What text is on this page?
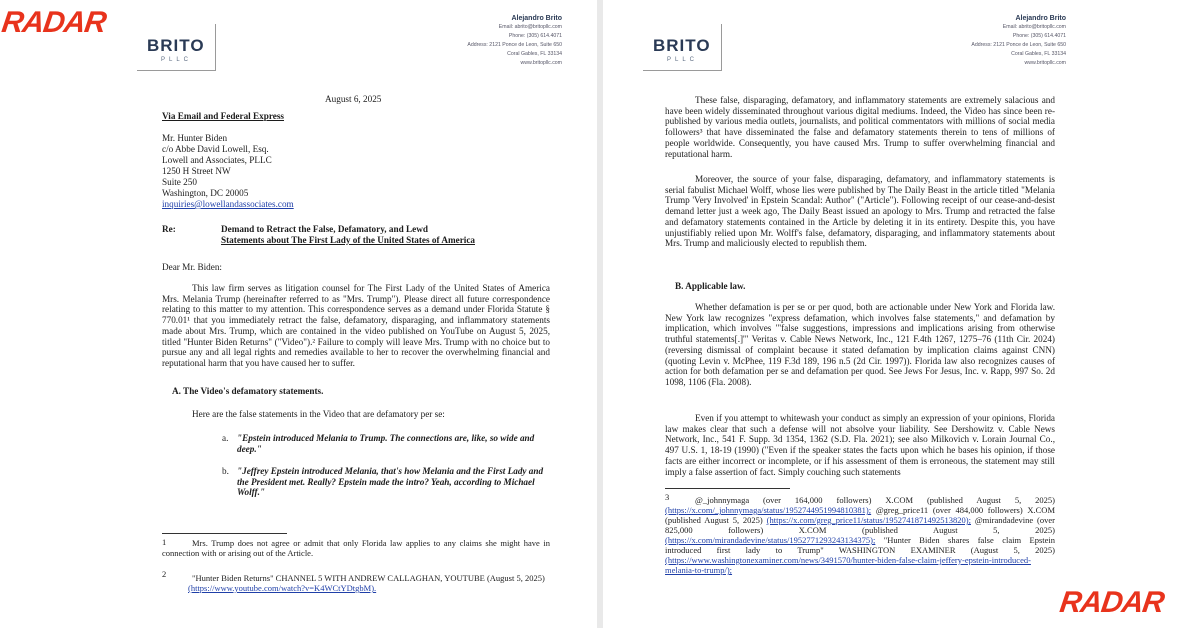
BRITO
PLLC
Alejandro Brito
Email: abrito@britopllc.com
Phone: (305) 614.4071
Address: 2121 Ponce de Leon, Suite 650
Coral Gables, FL 33134
www.britopllc.com

August 6, 2025

Via Email and Federal Express

Mr. Hunter Biden

c/o Abbe David Lowell, Esq.

Lowell and Associates, PLLC

1250 H Street NW

Suite 250

Washington, DC 20005

inquiries@lowellandassociates.com

Re:	Demand to Retract the False, Defamatory, and Lewd

Statements about The First Lady of the United States of America

Dear Mr. Biden:

This law firm serves as litigation counsel for The First Lady of the United States of America Mrs. Melania Trump (hereinafter referred to as "Mrs. Trump"). Please direct all future correspondence relating to this matter to my attention. This correspondence serves as a demand under Florida Statute § 770.01¹ that you immediately retract the false, defamatory, disparaging, and inflammatory statements made about Mrs. Trump, which are contained in the video published on YouTube on August 5, 2025, titled "Hunter Biden Returns" ("Video").² Failure to comply will leave Mrs. Trump with no choice but to pursue any and all legal rights and remedies available to her to recover the overwhelming financial and reputational harm that you have caused her to suffer.

A. The Video's defamatory statements.

Here are the false statements in the Video that are defamatory per se:

a. "Epstein introduced Melania to Trump. The connections are, like, so wide and deep."

b. "Jeffrey Epstein introduced Melania, that's how Melania and the First Lady and the President met. Really? Epstein made the intro? Yeah, according to Michael Wolff."

1	Mrs. Trump does not agree or admit that only Florida law applies to any claims she might have in connection with or arising out of the Article.

2	"Hunter Biden Returns" CHANNEL 5 WITH ANDREW CALLAGHAN, YOUTUBE (August 5, 2025)

(https://www.youtube.com/watch?v=K4WCtYDtgbM).

BRITO
PLLC
Alejandro Brito
Email: abrito@britopllc.com
Phone: (305) 614.4071
Address: 2121 Ponce de Leon, Suite 650
Coral Gables, FL 33134
www.britopllc.com

These false, disparaging, defamatory, and inflammatory statements are extremely salacious and have been widely disseminated throughout various digital mediums. Indeed, the Video has since been re-published by various media outlets, journalists, and political commentators with millions of social media followers³ that have disseminated the false and defamatory statements therein to tens of millions of people worldwide. Consequently, you have caused Mrs. Trump to suffer overwhelming financial and reputational harm.

Moreover, the source of your false, disparaging, defamatory, and inflammatory statements is serial fabulist Michael Wolff, whose lies were published by The Daily Beast in the article titled "Melania Trump 'Very Involved' in Epstein Scandal: Author" ("Article"). Following receipt of our cease-and-desist demand letter just a week ago, The Daily Beast issued an apology to Mrs. Trump and retracted the false and defamatory statements contained in the Article by deleting it in its entirety. Despite this, you have unjustifiably relied upon Mr. Wolff's false, defamatory, disparaging, and inflammatory statements about Mrs. Trump and maliciously elected to republish them.

B. Applicable law.

Whether defamation is per se or per quod, both are actionable under New York and Florida law. New York law recognizes "express defamation, which involves false statements," and defamation by implication, which involves "'false suggestions, impressions and implications arising from otherwise truthful statements[.]'" Veritas v. Cable News Network, Inc., 121 F.4th 1267, 1275–76 (11th Cir. 2024) (reversing dismissal of complaint because it stated defamation by implication claims against CNN) (quoting Levin v. McPhee, 119 F.3d 189, 196 n.5 (2d Cir. 1997)). Florida law also recognizes causes of action for both defamation per se and defamation per quod. See Jews For Jesus, Inc. v. Rapp, 997 So. 2d 1098, 1106 (Fla. 2008).

Even if you attempt to whitewash your conduct as simply an expression of your opinions, Florida law makes clear that such a defense will not absolve your liability. See Dershowitz v. Cable News Network, Inc., 541 F. Supp. 3d 1354, 1362 (S.D. Fla. 2021); see also Milkovich v. Lorain Journal Co., 497 U.S. 1, 18-19 (1990) ("Even if the speaker states the facts upon which he bases his opinion, if those facts are either incorrect or incomplete, or if his assessment of them is erroneous, the statement may still imply a false assertion of fact. Simply couching such statements

3	@_johnnymaga (over 164,000 followers) X.COM (published August 5, 2025) (https://x.com/_johnnymaga/status/1952744951994810381); @greg_price11 (over 484,000 followers) X.COM (published August 5, 2025) (https://x.com/greg_price11/status/1952741871492513820); @mirandadevine (over 825,000 followers) X.COM (published August 5, 2025) (https://x.com/mirandadevine/status/1952771293243134375); "Hunter Biden shares false claim Epstein introduced first lady to Trump" WASHINGTON EXAMINER (August 5, 2025) (https://www.washingtonexaminer.com/news/3491570/hunter-biden-false-claim-jeffery-epstein-introduced-melania-to-trump/);
RADAR
RADAR
